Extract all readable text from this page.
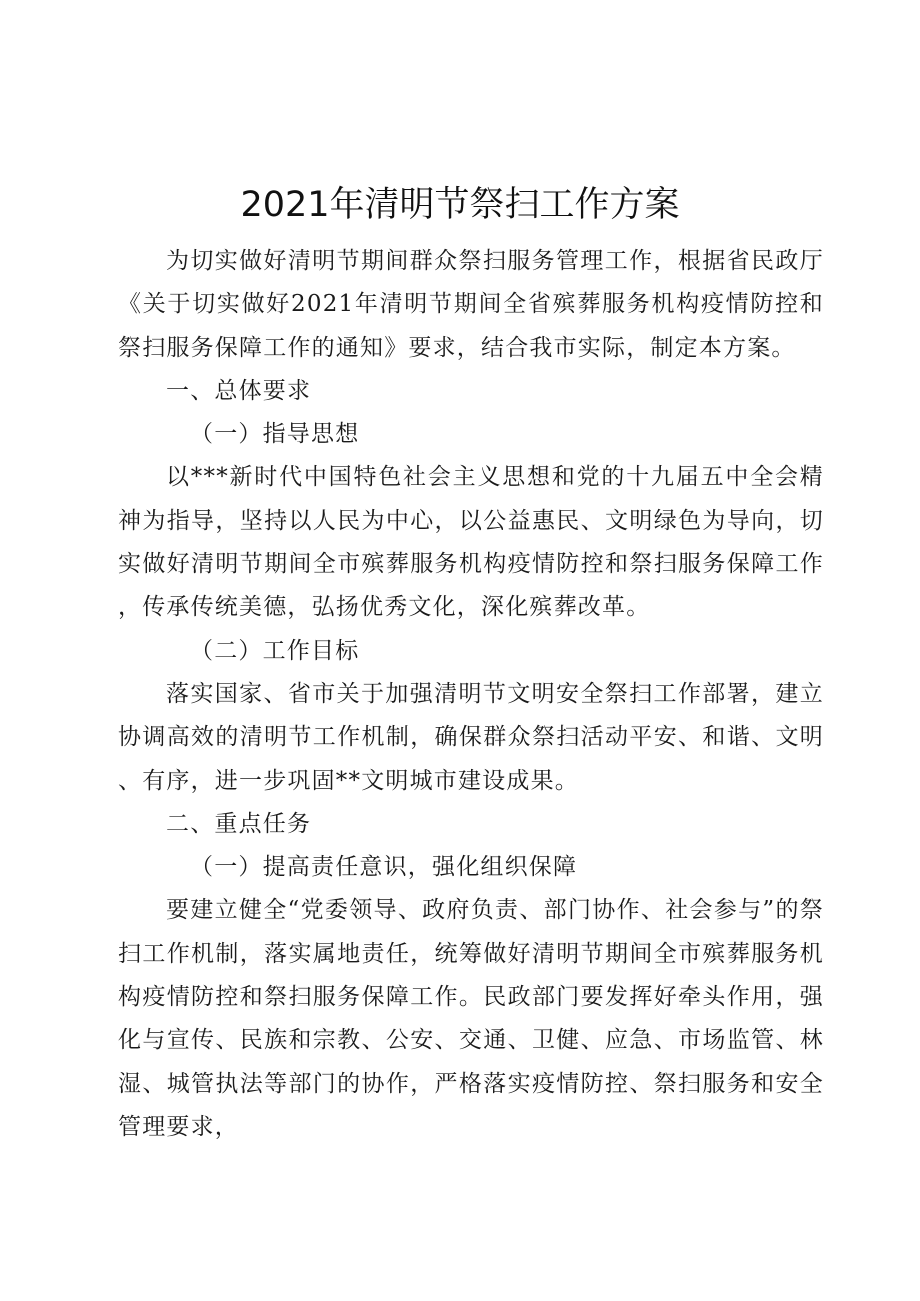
2021年清明节祭扫工作方案

为切实做好清明节期间群众祭扫服务管理工作，根据省民政厅《关于切实做好2021年清明节期间全省殡葬服务机构疫情防控和祭扫服务保障工作的通知》要求，结合我市实际，制定本方案。

一、总体要求

（一）指导思想

以***新时代中国特色社会主义思想和党的十九届五中全会精神为指导，坚持以人民为中心，以公益惠民、文明绿色为导向，切实做好清明节期间全市殡葬服务机构疫情防控和祭扫服务保障工作，传承传统美德，弘扬优秀文化，深化殡葬改革。

（二）工作目标

落实国家、省市关于加强清明节文明安全祭扫工作部署，建立协调高效的清明节工作机制，确保群众祭扫活动平安、和谐、文明、有序，进一步巩固**文明城市建设成果。

二、重点任务

（一）提高责任意识，强化组织保障

要建立健全“党委领导、政府负责、部门协作、社会参与”的祭扫工作机制，落实属地责任，统筹做好清明节期间全市殡葬服务机构疫情防控和祭扫服务保障工作。民政部门要发挥好牵头作用，强化与宣传、民族和宗教、公安、交通、卫健、应急、市场监管、林湿、城管执法等部门的协作，严格落实疫情防控、祭扫服务和安全管理要求，
